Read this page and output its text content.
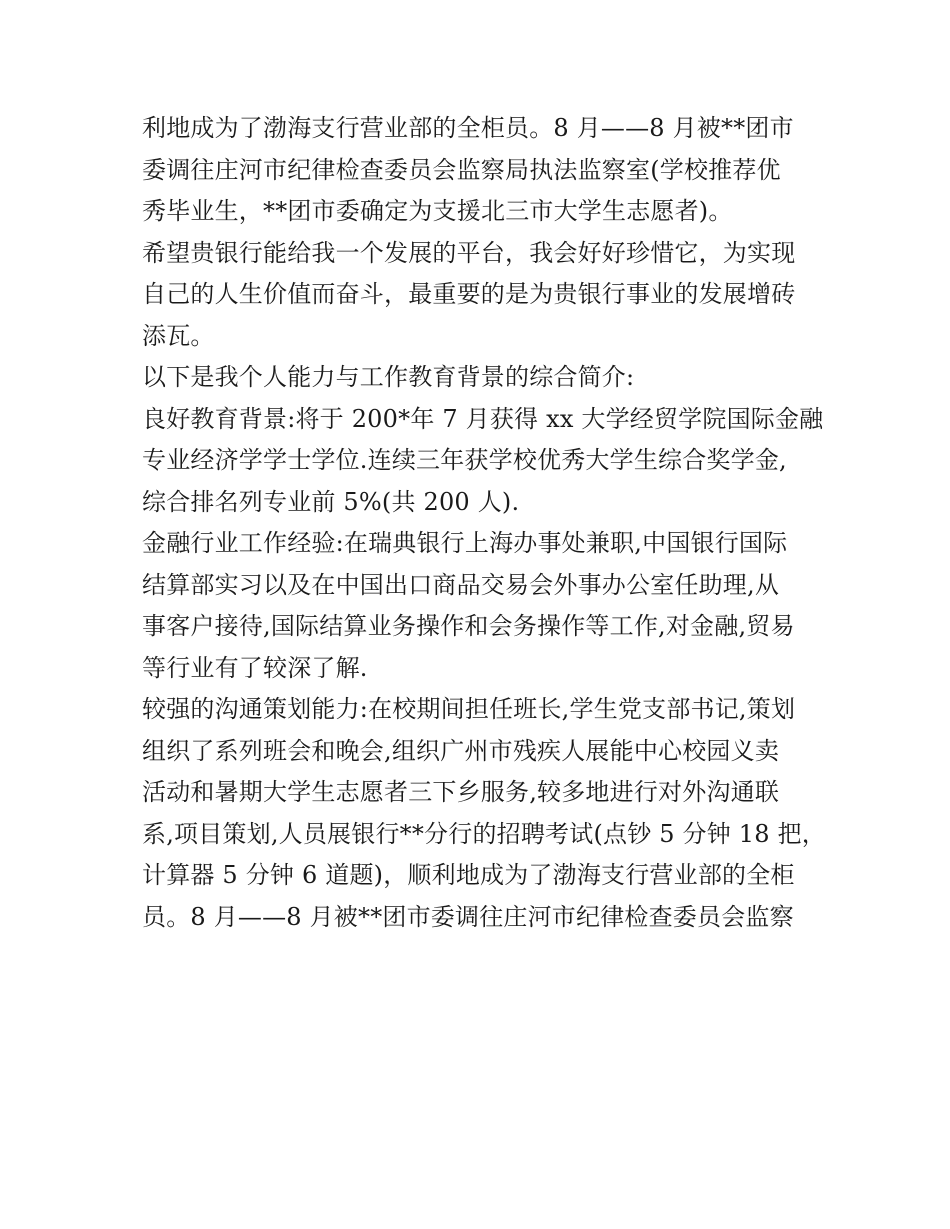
利地成为了渤海支行营业部的全柜员。8 月——8 月被**团市
委调往庄河市纪律检查委员会监察局执法监察室(学校推荐优
秀毕业生，**团市委确定为支援北三市大学生志愿者)。
希望贵银行能给我一个发展的平台，我会好好珍惜它，为实现
自己的人生价值而奋斗，最重要的是为贵银行事业的发展增砖
添瓦。
以下是我个人能力与工作教育背景的综合简介:
良好教育背景:将于 200*年 7 月获得 xx 大学经贸学院国际金融
专业经济学学士学位.连续三年获学校优秀大学生综合奖学金,
综合排名列专业前 5%(共 200 人).
金融行业工作经验:在瑞典银行上海办事处兼职,中国银行国际
结算部实习以及在中国出口商品交易会外事办公室任助理,从
事客户接待,国际结算业务操作和会务操作等工作,对金融,贸易
等行业有了较深了解.
较强的沟通策划能力:在校期间担任班长,学生党支部书记,策划
组织了系列班会和晚会,组织广州市残疾人展能中心校园义卖
活动和暑期大学生志愿者三下乡服务,较多地进行对外沟通联
系,项目策划,人员展银行**分行的招聘考试(点钞 5 分钟 18 把，
计算器 5 分钟 6 道题)，顺利地成为了渤海支行营业部的全柜
员。8 月——8 月被**团市委调往庄河市纪律检查委员会监察
